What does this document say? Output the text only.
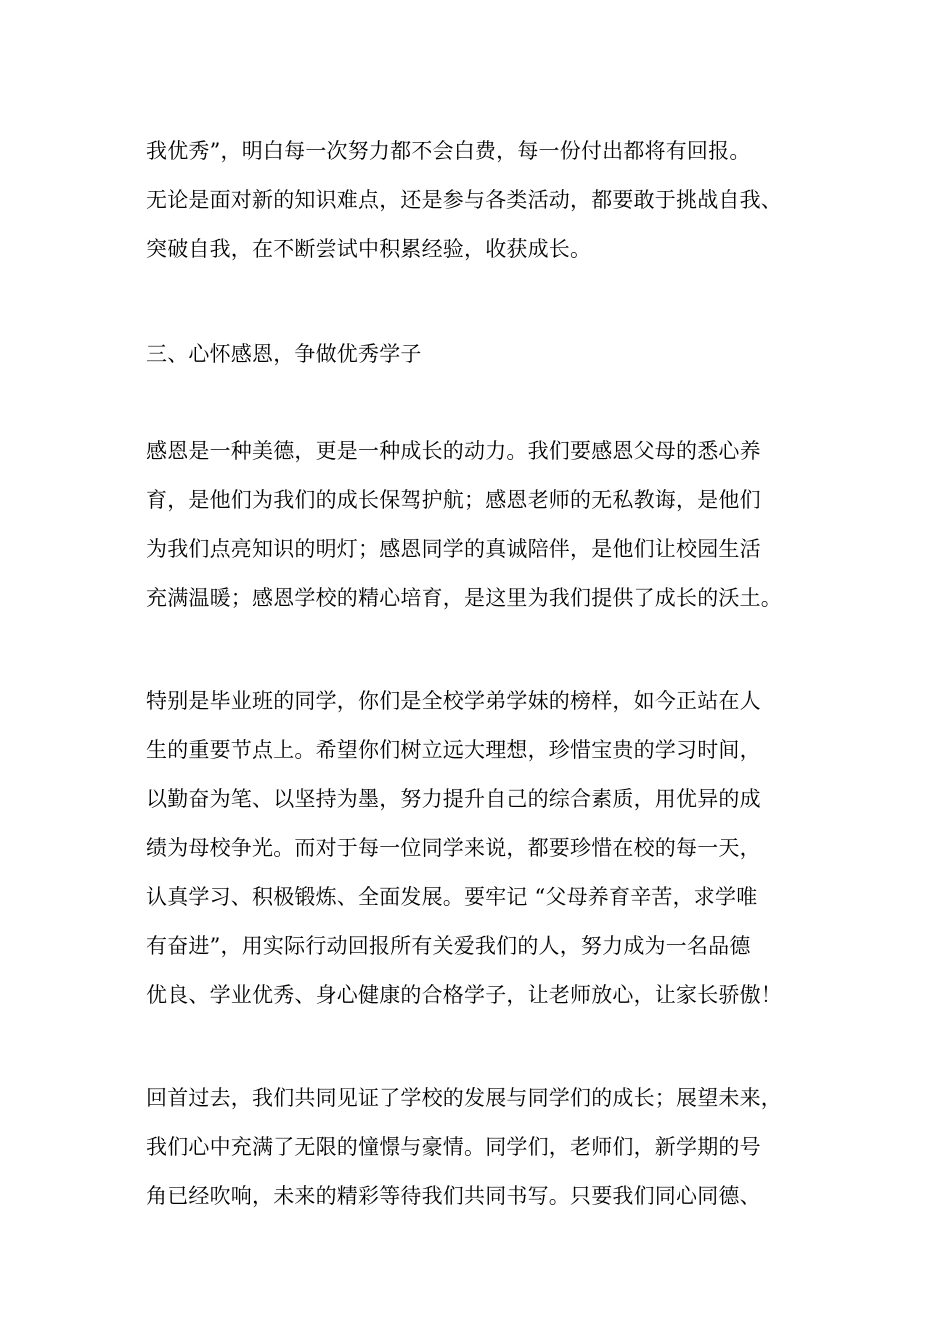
我优秀”，明白每一次努力都不会白费，每一份付出都将有回报。
无论是面对新的知识难点，还是参与各类活动，都要敢于挑战自我、
突破自我，在不断尝试中积累经验，收获成长。
三、心怀感恩，争做优秀学子
感恩是一种美德，更是一种成长的动力。我们要感恩父母的悉心养
育，是他们为我们的成长保驾护航；感恩老师的无私教诲，是他们
为我们点亮知识的明灯；感恩同学的真诚陪伴，是他们让校园生活
充满温暖；感恩学校的精心培育，是这里为我们提供了成长的沃土。
特别是毕业班的同学，你们是全校学弟学妹的榜样，如今正站在人
生的重要节点上。希望你们树立远大理想，珍惜宝贵的学习时间，
以勤奋为笔、以坚持为墨，努力提升自己的综合素质，用优异的成
绩为母校争光。而对于每一位同学来说，都要珍惜在校的每一天，
认真学习、积极锻炼、全面发展。要牢记 “父母养育辛苦，求学唯
有奋进”，用实际行动回报所有关爱我们的人，努力成为一名品德
优良、学业优秀、身心健康的合格学子，让老师放心，让家长骄傲！
回首过去，我们共同见证了学校的发展与同学们的成长；展望未来，
我们心中充满了无限的憧憬与豪情。同学们，老师们，新学期的号
角已经吹响，未来的精彩等待我们共同书写。只要我们同心同德、
